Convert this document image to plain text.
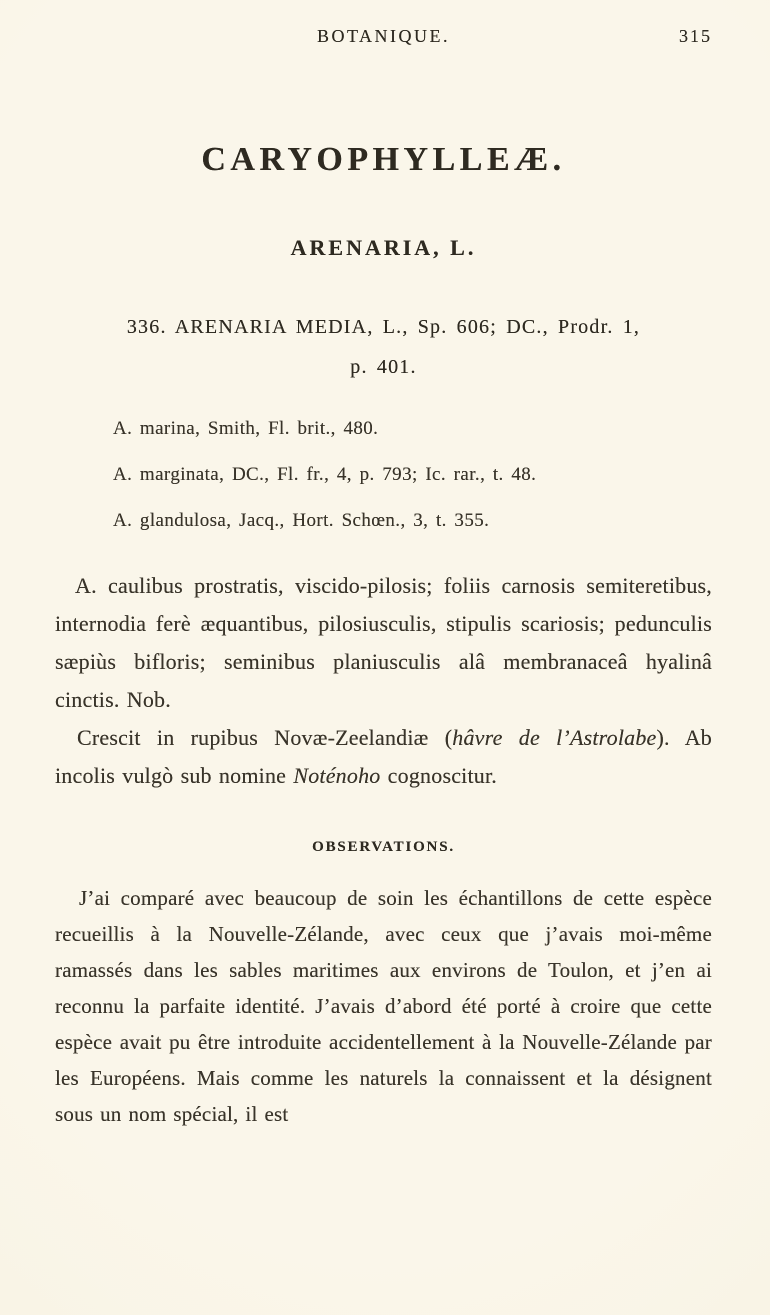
BOTANIQUE.	315
CARYOPHYLLEÆ.
ARENARIA, L.
336. ARENARIA MEDIA, L., Sp. 606; DC., Prodr. 1,
p. 401.

A. marina, Smith, Fl. brit., 480.

A. marginata, DC., Fl. fr., 4, p. 793; Ic. rar., t. 48.

A. glandulosa, Jacq., Hort. Schœn., 3, t. 355.

A. caulibus prostratis, viscido-pilosis; foliis carnosis semiteretibus, internodia ferè æquantibus, pilosiusculis, stipulis scariosis; pedunculis sæpiùs bifloris; seminibus planiusculis alâ membranaceâ hyalinâ cinctis. Nob.

Crescit in rupibus Novæ-Zeelandiæ (hâvre de l’Astrolabe). Ab incolis vulgò sub nomine Noténoho cognoscitur.

OBSERVATIONS.

J’ai comparé avec beaucoup de soin les échantillons de cette espèce recueillis à la Nouvelle-Zélande, avec ceux que j’avais moi-même ramassés dans les sables maritimes aux environs de Toulon, et j’en ai reconnu la parfaite identité. J’avais d’abord été porté à croire que cette espèce avait pu être introduite accidentellement à la Nouvelle-Zélande par les Européens. Mais comme les naturels la connaissent et la désignent sous un nom spécial, il est
